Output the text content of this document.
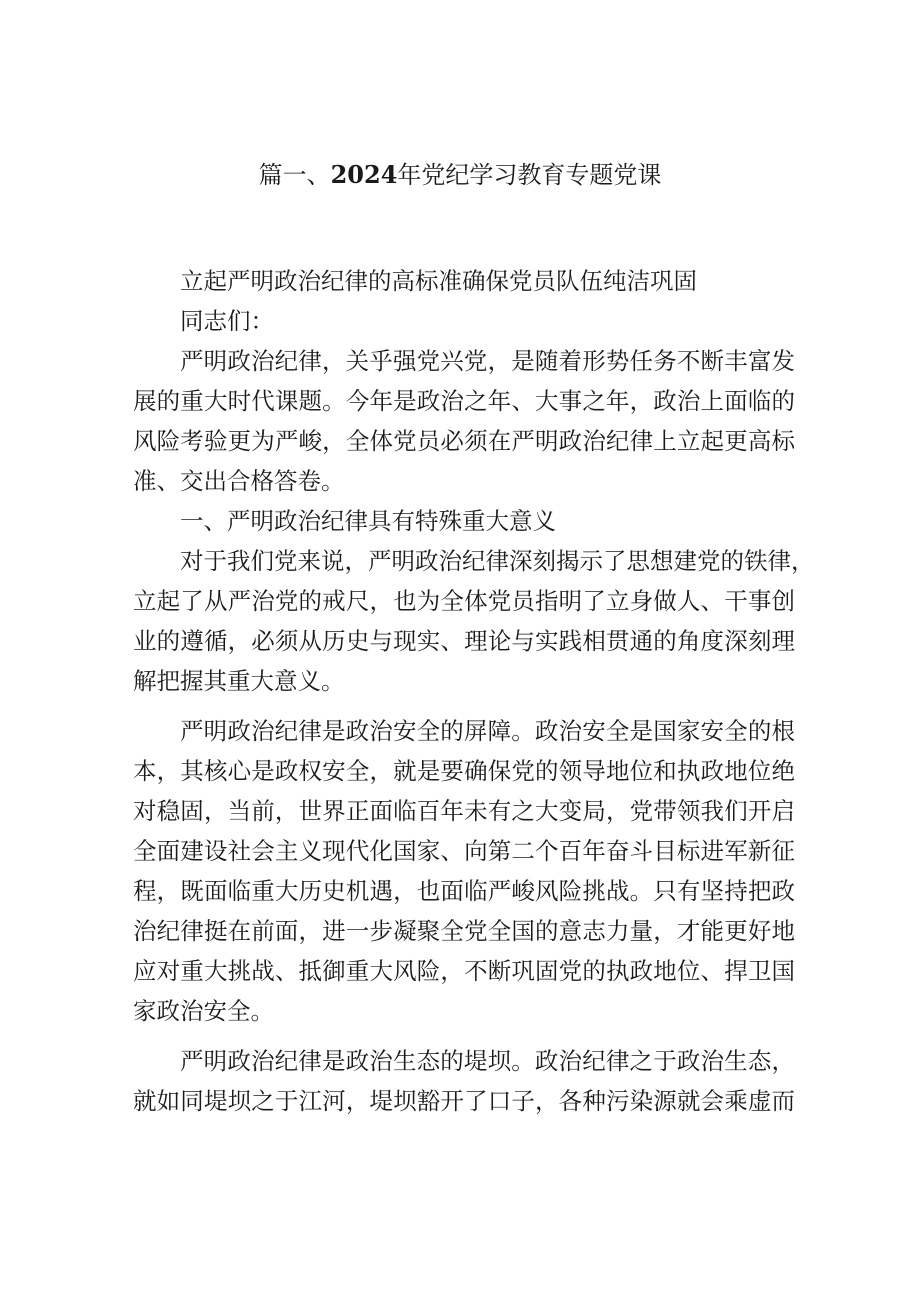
篇一、2024年党纪学习教育专题党课
立起严明政治纪律的高标准确保党员队伍纯洁巩固
同志们：
严明政治纪律，关乎强党兴党，是随着形势任务不断丰富发
展的重大时代课题。今年是政治之年、大事之年，政治上面临的
风险考验更为严峻，全体党员必须在严明政治纪律上立起更高标
准、交出合格答卷。
一、严明政治纪律具有特殊重大意义
对于我们党来说，严明政治纪律深刻揭示了思想建党的铁律，
立起了从严治党的戒尺，也为全体党员指明了立身做人、干事创
业的遵循，必须从历史与现实、理论与实践相贯通的角度深刻理
解把握其重大意义。
严明政治纪律是政治安全的屏障。政治安全是国家安全的根
本，其核心是政权安全，就是要确保党的领导地位和执政地位绝
对稳固，当前，世界正面临百年未有之大变局，党带领我们开启
全面建设社会主义现代化国家、向第二个百年奋斗目标进军新征
程，既面临重大历史机遇，也面临严峻风险挑战。只有坚持把政
治纪律挺在前面，进一步凝聚全党全国的意志力量，才能更好地
应对重大挑战、抵御重大风险，不断巩固党的执政地位、捍卫国
家政治安全。
严明政治纪律是政治生态的堤坝。政治纪律之于政治生态，
就如同堤坝之于江河，堤坝豁开了口子，各种污染源就会乘虚而
